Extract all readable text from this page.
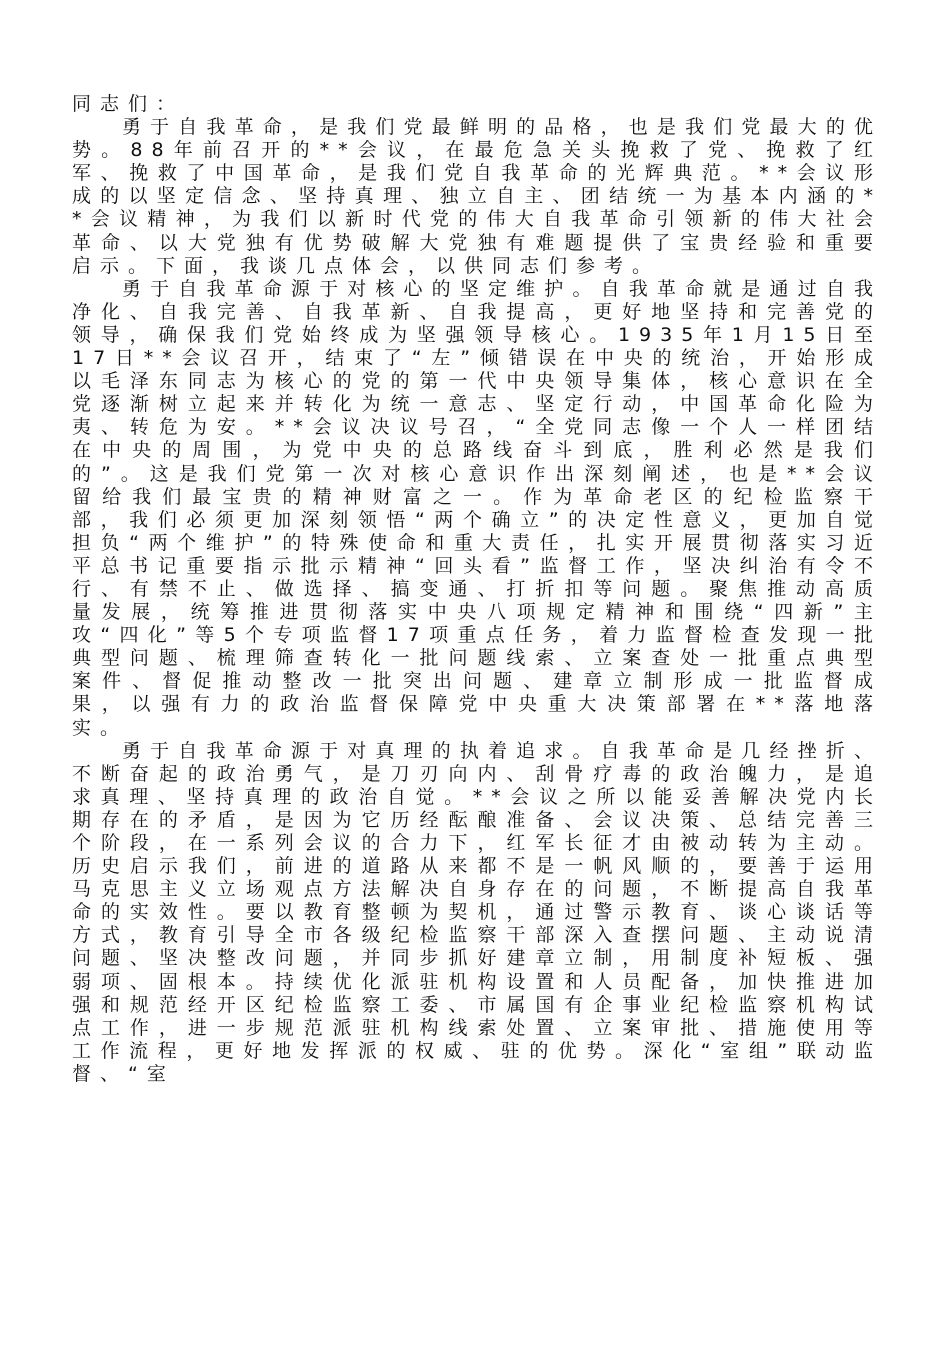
同志们：

勇于自我革命，是我们党最鲜明的品格，也是我们党最大的优势。88年前召开的**会议，在最危急关头挽救了党、挽救了红军、挽救了中国革命，是我们党自我革命的光辉典范。**会议形成的以坚定信念、坚持真理、独立自主、团结统一为基本内涵的**会议精神，为我们以新时代党的伟大自我革命引领新的伟大社会革命、以大党独有优势破解大党独有难题提供了宝贵经验和重要启示。下面，我谈几点体会，以供同志们参考。

勇于自我革命源于对核心的坚定维护。自我革命就是通过自我净化、自我完善、自我革新、自我提高，更好地坚持和完善党的领导，确保我们党始终成为坚强领导核心。1935年1月15日至17日**会议召开，结束了“左”倾错误在中央的统治，开始形成以毛泽东同志为核心的党的第一代中央领导集体，核心意识在全党逐渐树立起来并转化为统一意志、坚定行动，中国革命化险为夷、转危为安。**会议决议号召，“全党同志像一个人一样团结在中央的周围，为党中央的总路线奋斗到底，胜利必然是我们的”。这是我们党第一次对核心意识作出深刻阐述，也是**会议留给我们最宝贵的精神财富之一。作为革命老区的纪检监察干部，我们必须更加深刻领悟“两个确立”的决定性意义，更加自觉担负“两个维护”的特殊使命和重大责任，扎实开展贯彻落实习近平总书记重要指示批示精神“回头看”监督工作，坚决纠治有令不行、有禁不止、做选择、搞变通、打折扣等问题。聚焦推动高质量发展，统筹推进贯彻落实中央八项规定精神和围绕“四新”主攻“四化”等5个专项监督17项重点任务，着力监督检查发现一批典型问题、梳理筛查转化一批问题线索、立案查处一批重点典型案件、督促推动整改一批突出问题、建章立制形成一批监督成果，以强有力的政治监督保障党中央重大决策部署在**落地落实。

勇于自我革命源于对真理的执着追求。自我革命是几经挫折、不断奋起的政治勇气，是刀刃向内、刮骨疗毒的政治魄力，是追求真理、坚持真理的政治自觉。**会议之所以能妥善解决党内长期存在的矛盾，是因为它历经酝酿准备、会议决策、总结完善三个阶段，在一系列会议的合力下，红军长征才由被动转为主动。历史启示我们，前进的道路从来都不是一帆风顺的，要善于运用马克思主义立场观点方法解决自身存在的问题，不断提高自我革命的实效性。要以教育整顿为契机，通过警示教育、谈心谈话等方式，教育引导全市各级纪检监察干部深入查摆问题、主动说清问题、坚决整改问题，并同步抓好建章立制，用制度补短板、强弱项、固根本。持续优化派驻机构设置和人员配备，加快推进加强和规范经开区纪检监察工委、市属国有企事业纪检监察机构试点工作，进一步规范派驻机构线索处置、立案审批、措施使用等工作流程，更好地发挥派的权威、驻的优势。深化“室组”联动监督、“室
